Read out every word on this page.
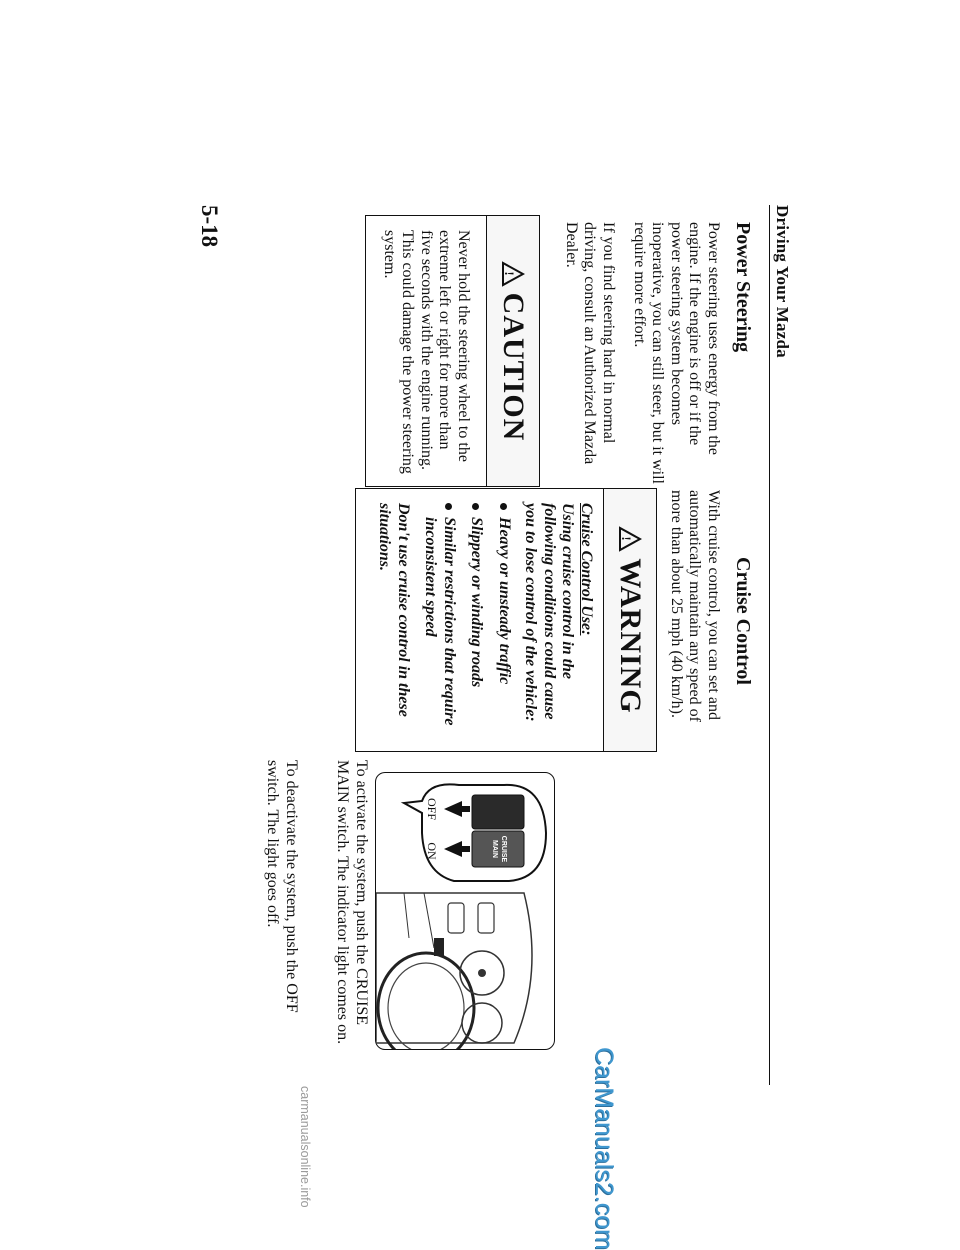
Driving Your Mazda
Power Steering

Power steering uses energy from the engine. If the engine is off or if the power steering system becomes inoperative, you can still steer, but it will require more effort.

If you find steering hard in normal driving, consult an Authorized Mazda Dealer.

!
CAUTION
Never hold the steering wheel to the extreme left or right for more than five seconds with the engine running. This could damage the power steering system.
Cruise Control

With cruise control, you can set and automatically maintain any speed of more than about 25 mph (40 km/h).

!
WARNING
Cruise Control Use:
Using cruise control in the following conditions could cause you to lose control of the vehicle:
Heavy or unsteady traffic
Slippery or winding roads
Similar restrictions that require inconsistent speed
Don't use cruise control in these situations.
CRUISE
MAIN
OFF
ON

To activate the system, push the CRUISE MAIN switch. The indicator light comes on.

To deactivate the system, push the OFF switch. The light goes off.

5-18
CarManuals2.com
carmanualsonline.info
